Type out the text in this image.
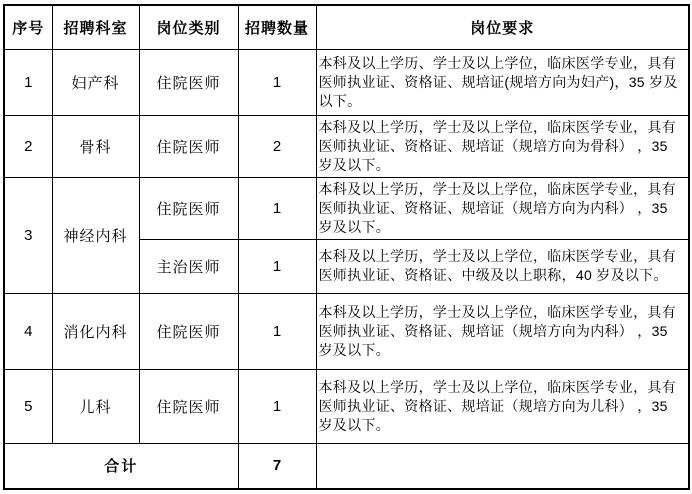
序号	招聘科室	岗位类别	招聘数量	岗位要求
1	妇产科	住院医师	1	本科及以上学历、学士及以上学位，临床医学专业，具有医师执业证、资格证、规培证(规培方向为妇产)，35 岁及以下。
2	骨科	住院医师	2	本科及以上学历，学士及以上学位，临床医学专业，具有医师执业证、资格证、规培证（规培方向为骨科） ，35 岁及以下。
3	神经内科	住院医师	1	本科及以上学历，学士及以上学位，临床医学专业，具有医师执业证、资格证、规培证（规培方向为内科） ，35 岁及以下。
		主治医师	1	本科及以上学历，学士及以上学位，临床医学专业，具有医师执业证、资格证、中级及以上职称，40 岁及以下。
4	消化内科	住院医师	1	本科及以上学历，学士及以上学位，临床医学专业，具有医师执业证、资格证、规培证（规培方向为内科） ，35 岁及以下。
5	儿科	住院医师	1	本科及以上学历，学士及以上学位，临床医学专业，具有医师执业证、资格证、规培证（规培方向为儿科） ，35 岁及以下。
合计			7	
